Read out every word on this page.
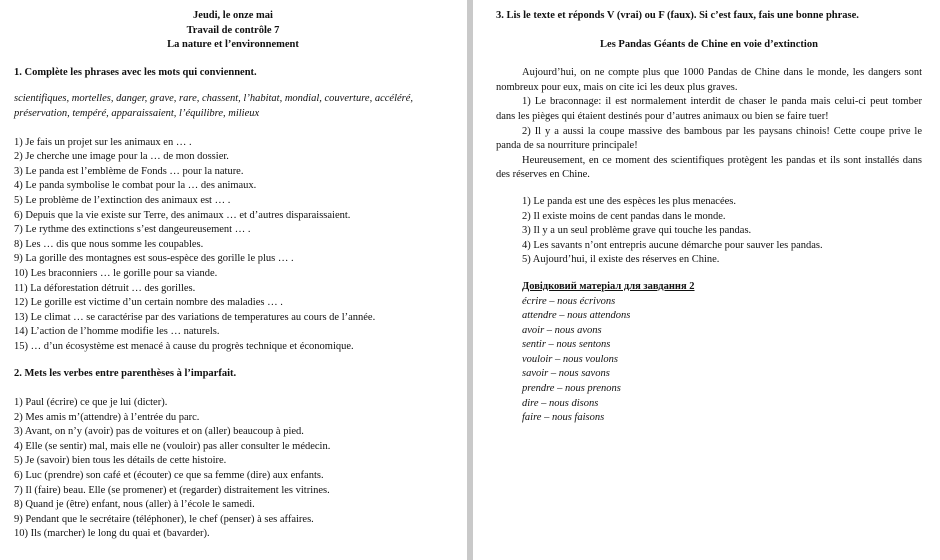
Jeudi, le onze mai
Travail de contrôle 7
La nature et l’environnement
1. Complète les phrases avec les mots qui conviennent.
scientifiques, mortelles, danger, grave, rare, chassent, l’habitat, mondial, couverture, accéléré, préservation, tempéré, apparaissaient, l’équilibre, milieux
1) Je fais un projet sur les animaux en … .
2) Je cherche une image pour la … de mon dossier.
3) Le panda est l’emblème de Fonds … pour la nature.
4) Le panda symbolise le combat pour la … des animaux.
5) Le problème de l’extinction des animaux est … .
6) Depuis que la vie existe sur Terre, des animaux … et d’autres disparaissaient.
7) Le rythme des extinctions s’est dangeureusement … .
8) Les … dis que nous somme les coupables.
9) La gorille des montagnes est sous-espèce des gorille le plus … .
10) Les braconniers … le gorille pour sa viande.
11) La déforestation détruit … des gorilles.
12) Le gorille est victime d’un certain nombre des maladies … .
13) Le climat … se caractérise par des variations de temperatures au cours de l’année.
14) L’action de l’homme modifie les … naturels.
15) … d’un écosystème est menacé à cause du progrès technique et économique.
2. Mets les verbes entre parenthèses à l’imparfait.
1) Paul (écrire) ce que je lui (dicter).
2) Mes amis m’(attendre) à l’entrée du parc.
3) Avant, on n’y (avoir) pas de voitures et on (aller) beaucoup à pied.
4) Elle (se sentir) mal, mais elle ne (vouloir) pas aller consulter le médecin.
5) Je (savoir) bien tous les détails de cette histoire.
6) Luc (prendre) son café et (écouter) ce que sa femme (dire) aux enfants.
7) Il (faire) beau. Elle (se promener) et (regarder) distraitement les vitrines.
8) Quand je (être) enfant, nous (aller) à l’école le samedi.
9) Pendant que le secrétaire (téléphoner), le chef (penser) à ses affaires.
10) Ils (marcher) le long du quai et (bavarder).
3. Lis le texte et réponds V (vrai) ou F (faux). Si c’est faux, fais une bonne phrase.
Les Pandas Géants de Chine en voie d’extinction
Aujourd’hui, on ne compte plus que 1000 Pandas de Chine dans le monde, les dangers sont nombreux pour eux, mais on cite ici les deux plus graves.
1) Le braconnage: il est normalement interdit de chaser le panda mais celui-ci peut tomber dans les pièges qui étaient destinés pour d’autres animaux ou bien se faire tuer!
2) Il y a aussi la coupe massive des bambous par les paysans chinois! Cette coupe prive le panda de sa nourriture principale!
Heureusement, en ce moment des scientifiques protègent les pandas et ils sont installés dans des réserves en Chine.
1) Le panda est une des espèces les plus menacées.
2) Il existe moins de cent pandas dans le monde.
3) Il y a un seul problème grave qui touche les pandas.
4) Les savants n’ont entrepris aucune démarche pour sauver les pandas.
5) Aujourd’hui, il existe des réserves en Chine.
Довідковий матеріал для завдання 2
écrire – nous écrivons
attendre – nous attendons
avoir – nous avons
sentir – nous sentons
vouloir – nous voulons
savoir – nous savons
prendre – nous prenons
dire – nous disons
faire – nous faisons
